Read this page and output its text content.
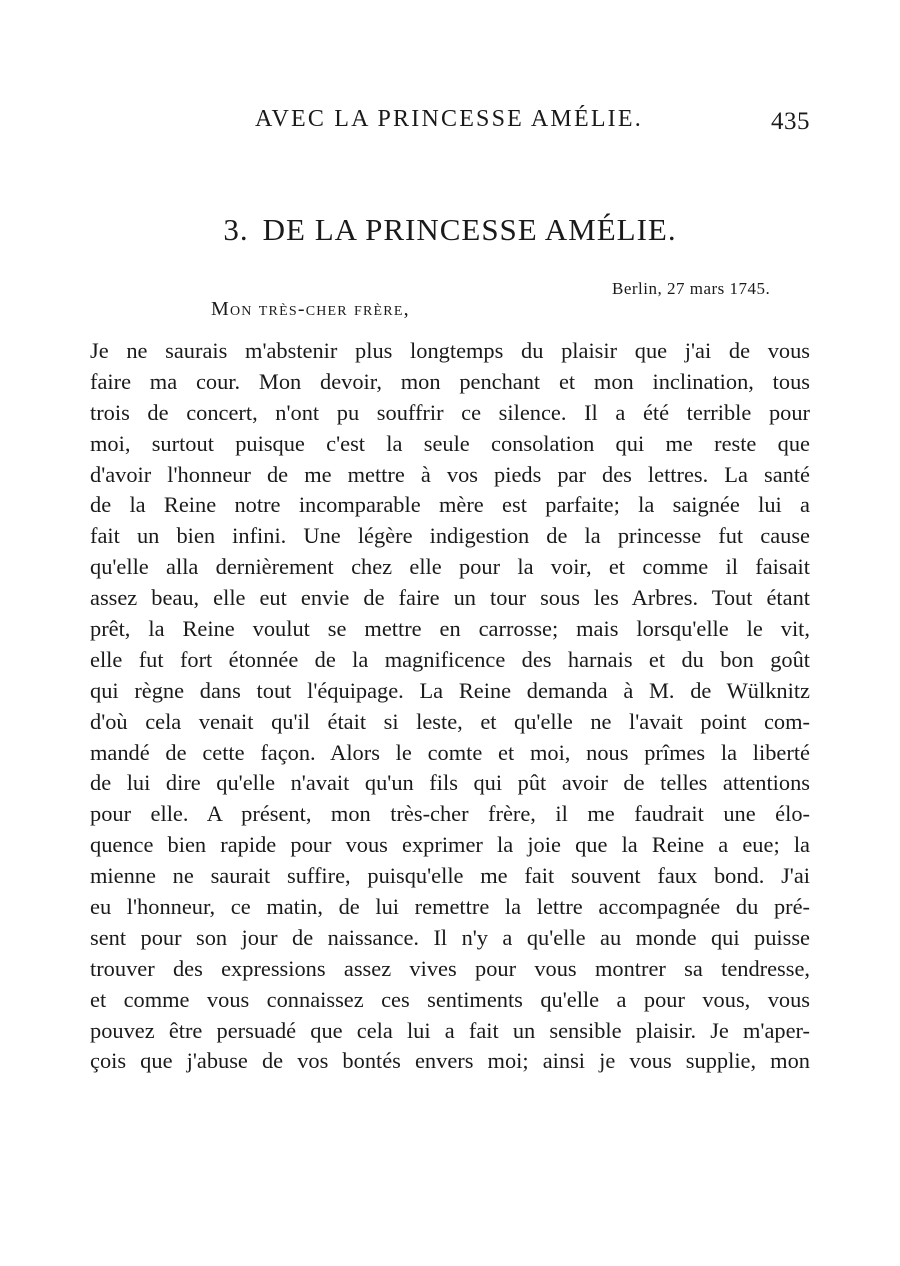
AVEC LA PRINCESSE AMÉLIE.	435
3. DE LA PRINCESSE AMÉLIE.
Berlin, 27 mars 1745.
Mon très-cher frère,
Je ne saurais m'abstenir plus longtemps du plaisir que j'ai de vous
faire ma cour. Mon devoir, mon penchant et mon inclination, tous
trois de concert, n'ont pu souffrir ce silence. Il a été terrible pour
moi, surtout puisque c'est la seule consolation qui me reste que
d'avoir l'honneur de me mettre à vos pieds par des lettres. La santé
de la Reine notre incomparable mère est parfaite; la saignée lui a
fait un bien infini. Une légère indigestion de la princesse fut cause
qu'elle alla dernièrement chez elle pour la voir, et comme il faisait
assez beau, elle eut envie de faire un tour sous les Arbres. Tout étant
prêt, la Reine voulut se mettre en carrosse; mais lorsqu'elle le vit,
elle fut fort étonnée de la magnificence des harnais et du bon goût
qui règne dans tout l'équipage. La Reine demanda à M. de Wülknitz
d'où cela venait qu'il était si leste, et qu'elle ne l'avait point com-
mandé de cette façon. Alors le comte et moi, nous prîmes la liberté
de lui dire qu'elle n'avait qu'un fils qui pût avoir de telles attentions
pour elle. A présent, mon très-cher frère, il me faudrait une élo-
quence bien rapide pour vous exprimer la joie que la Reine a eue; la
mienne ne saurait suffire, puisqu'elle me fait souvent faux bond. J'ai
eu l'honneur, ce matin, de lui remettre la lettre accompagnée du pré-
sent pour son jour de naissance. Il n'y a qu'elle au monde qui puisse
trouver des expressions assez vives pour vous montrer sa tendresse,
et comme vous connaissez ces sentiments qu'elle a pour vous, vous
pouvez être persuadé que cela lui a fait un sensible plaisir. Je m'aper-
çois que j'abuse de vos bontés envers moi; ainsi je vous supplie, mon
